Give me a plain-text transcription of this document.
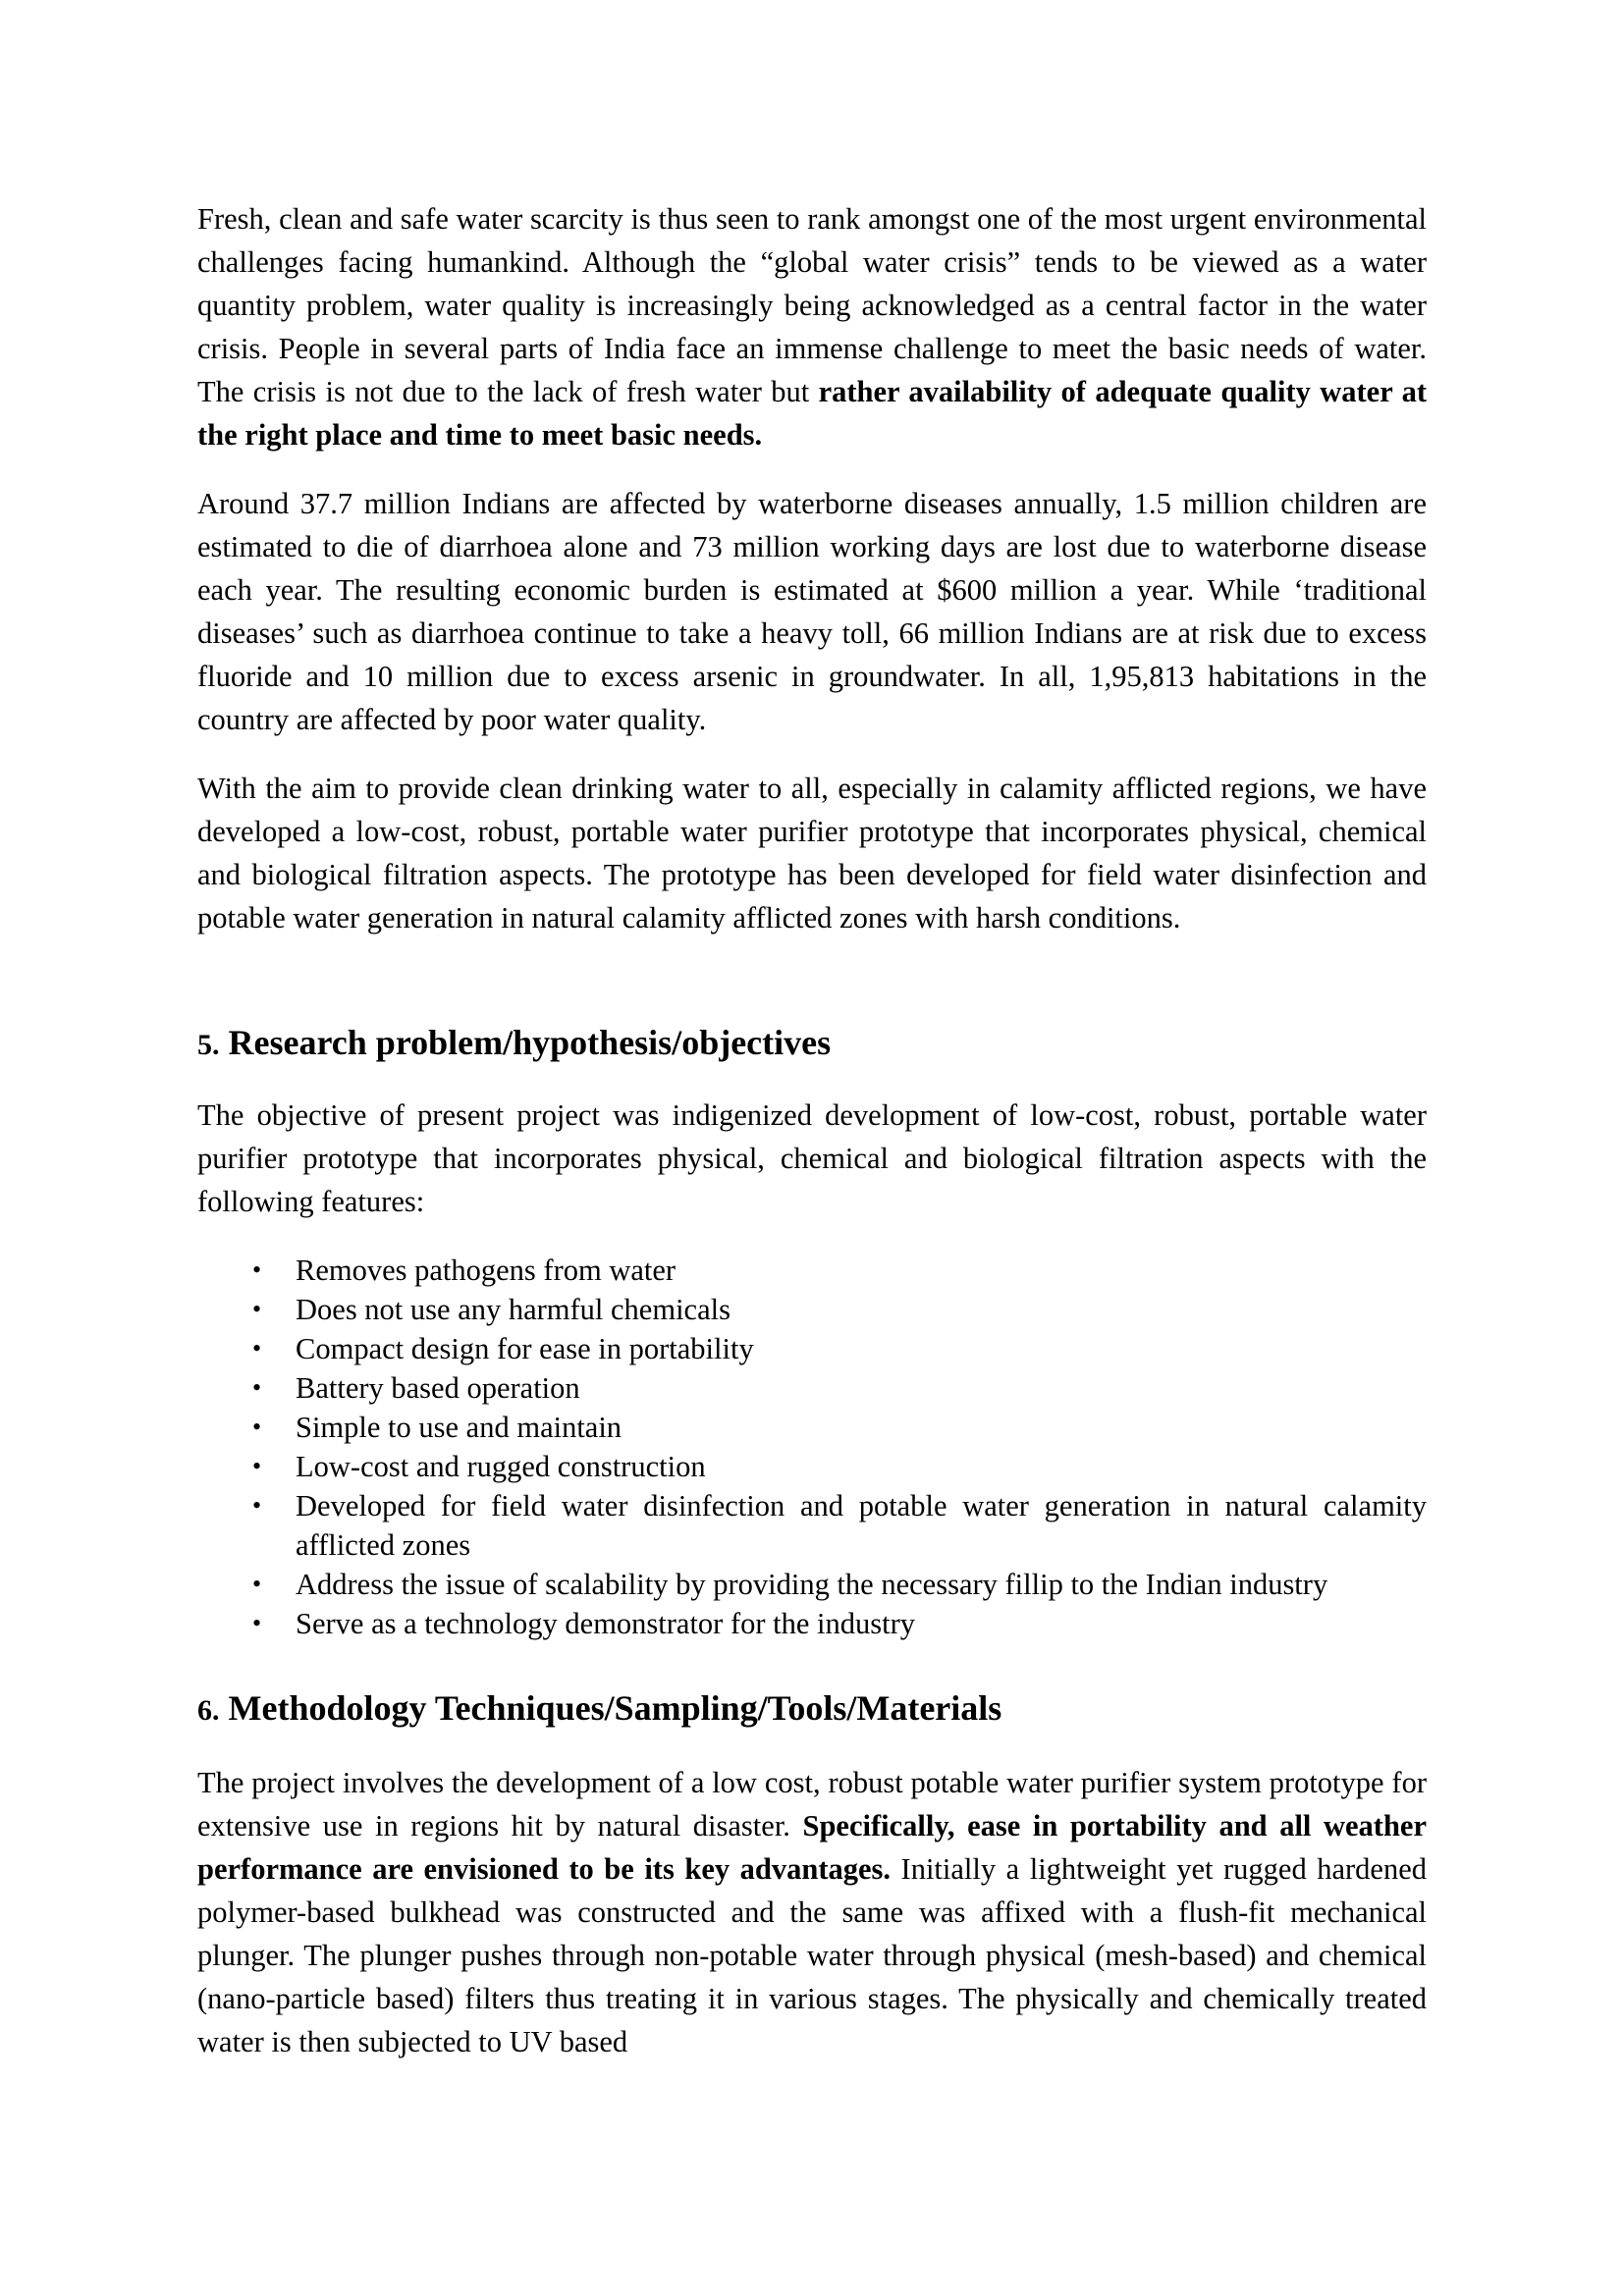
Fresh, clean and safe water scarcity is thus seen to rank amongst one of the most urgent environmental challenges facing humankind. Although the “global water crisis” tends to be viewed as a water quantity problem, water quality is increasingly being acknowledged as a central factor in the water crisis. People in several parts of India face an immense challenge to meet the basic needs of water. The crisis is not due to the lack of fresh water but rather availability of adequate quality water at the right place and time to meet basic needs.

Around 37.7 million Indians are affected by waterborne diseases annually, 1.5 million children are estimated to die of diarrhoea alone and 73 million working days are lost due to waterborne disease each year. The resulting economic burden is estimated at $600 million a year. While ‘traditional diseases’ such as diarrhoea continue to take a heavy toll, 66 million Indians are at risk due to excess fluoride and 10 million due to excess arsenic in groundwater. In all, 1,95,813 habitations in the country are affected by poor water quality.

With the aim to provide clean drinking water to all, especially in calamity afflicted regions, we have developed a low-cost, robust, portable water purifier prototype that incorporates physical, chemical and biological filtration aspects. The prototype has been developed for field water disinfection and potable water generation in natural calamity afflicted zones with harsh conditions.

5. Research problem/hypothesis/objectives

The objective of present project was indigenized development of low-cost, robust, portable water purifier prototype that incorporates physical, chemical and biological filtration aspects with the following features:

• Removes pathogens from water
• Does not use any harmful chemicals
• Compact design for ease in portability
• Battery based operation
• Simple to use and maintain
• Low-cost and rugged construction
• Developed for field water disinfection and potable water generation in natural calamity afflicted zones
• Address the issue of scalability by providing the necessary fillip to the Indian industry
• Serve as a technology demonstrator for the industry
6. Methodology Techniques/Sampling/Tools/Materials

The project involves the development of a low cost, robust potable water purifier system prototype for extensive use in regions hit by natural disaster. Specifically, ease in portability and all weather performance are envisioned to be its key advantages. Initially a lightweight yet rugged hardened polymer-based bulkhead was constructed and the same was affixed with a flush-fit mechanical plunger. The plunger pushes through non-potable water through physical (mesh-based) and chemical (nano-particle based) filters thus treating it in various stages. The physically and chemically treated water is then subjected to UV based
